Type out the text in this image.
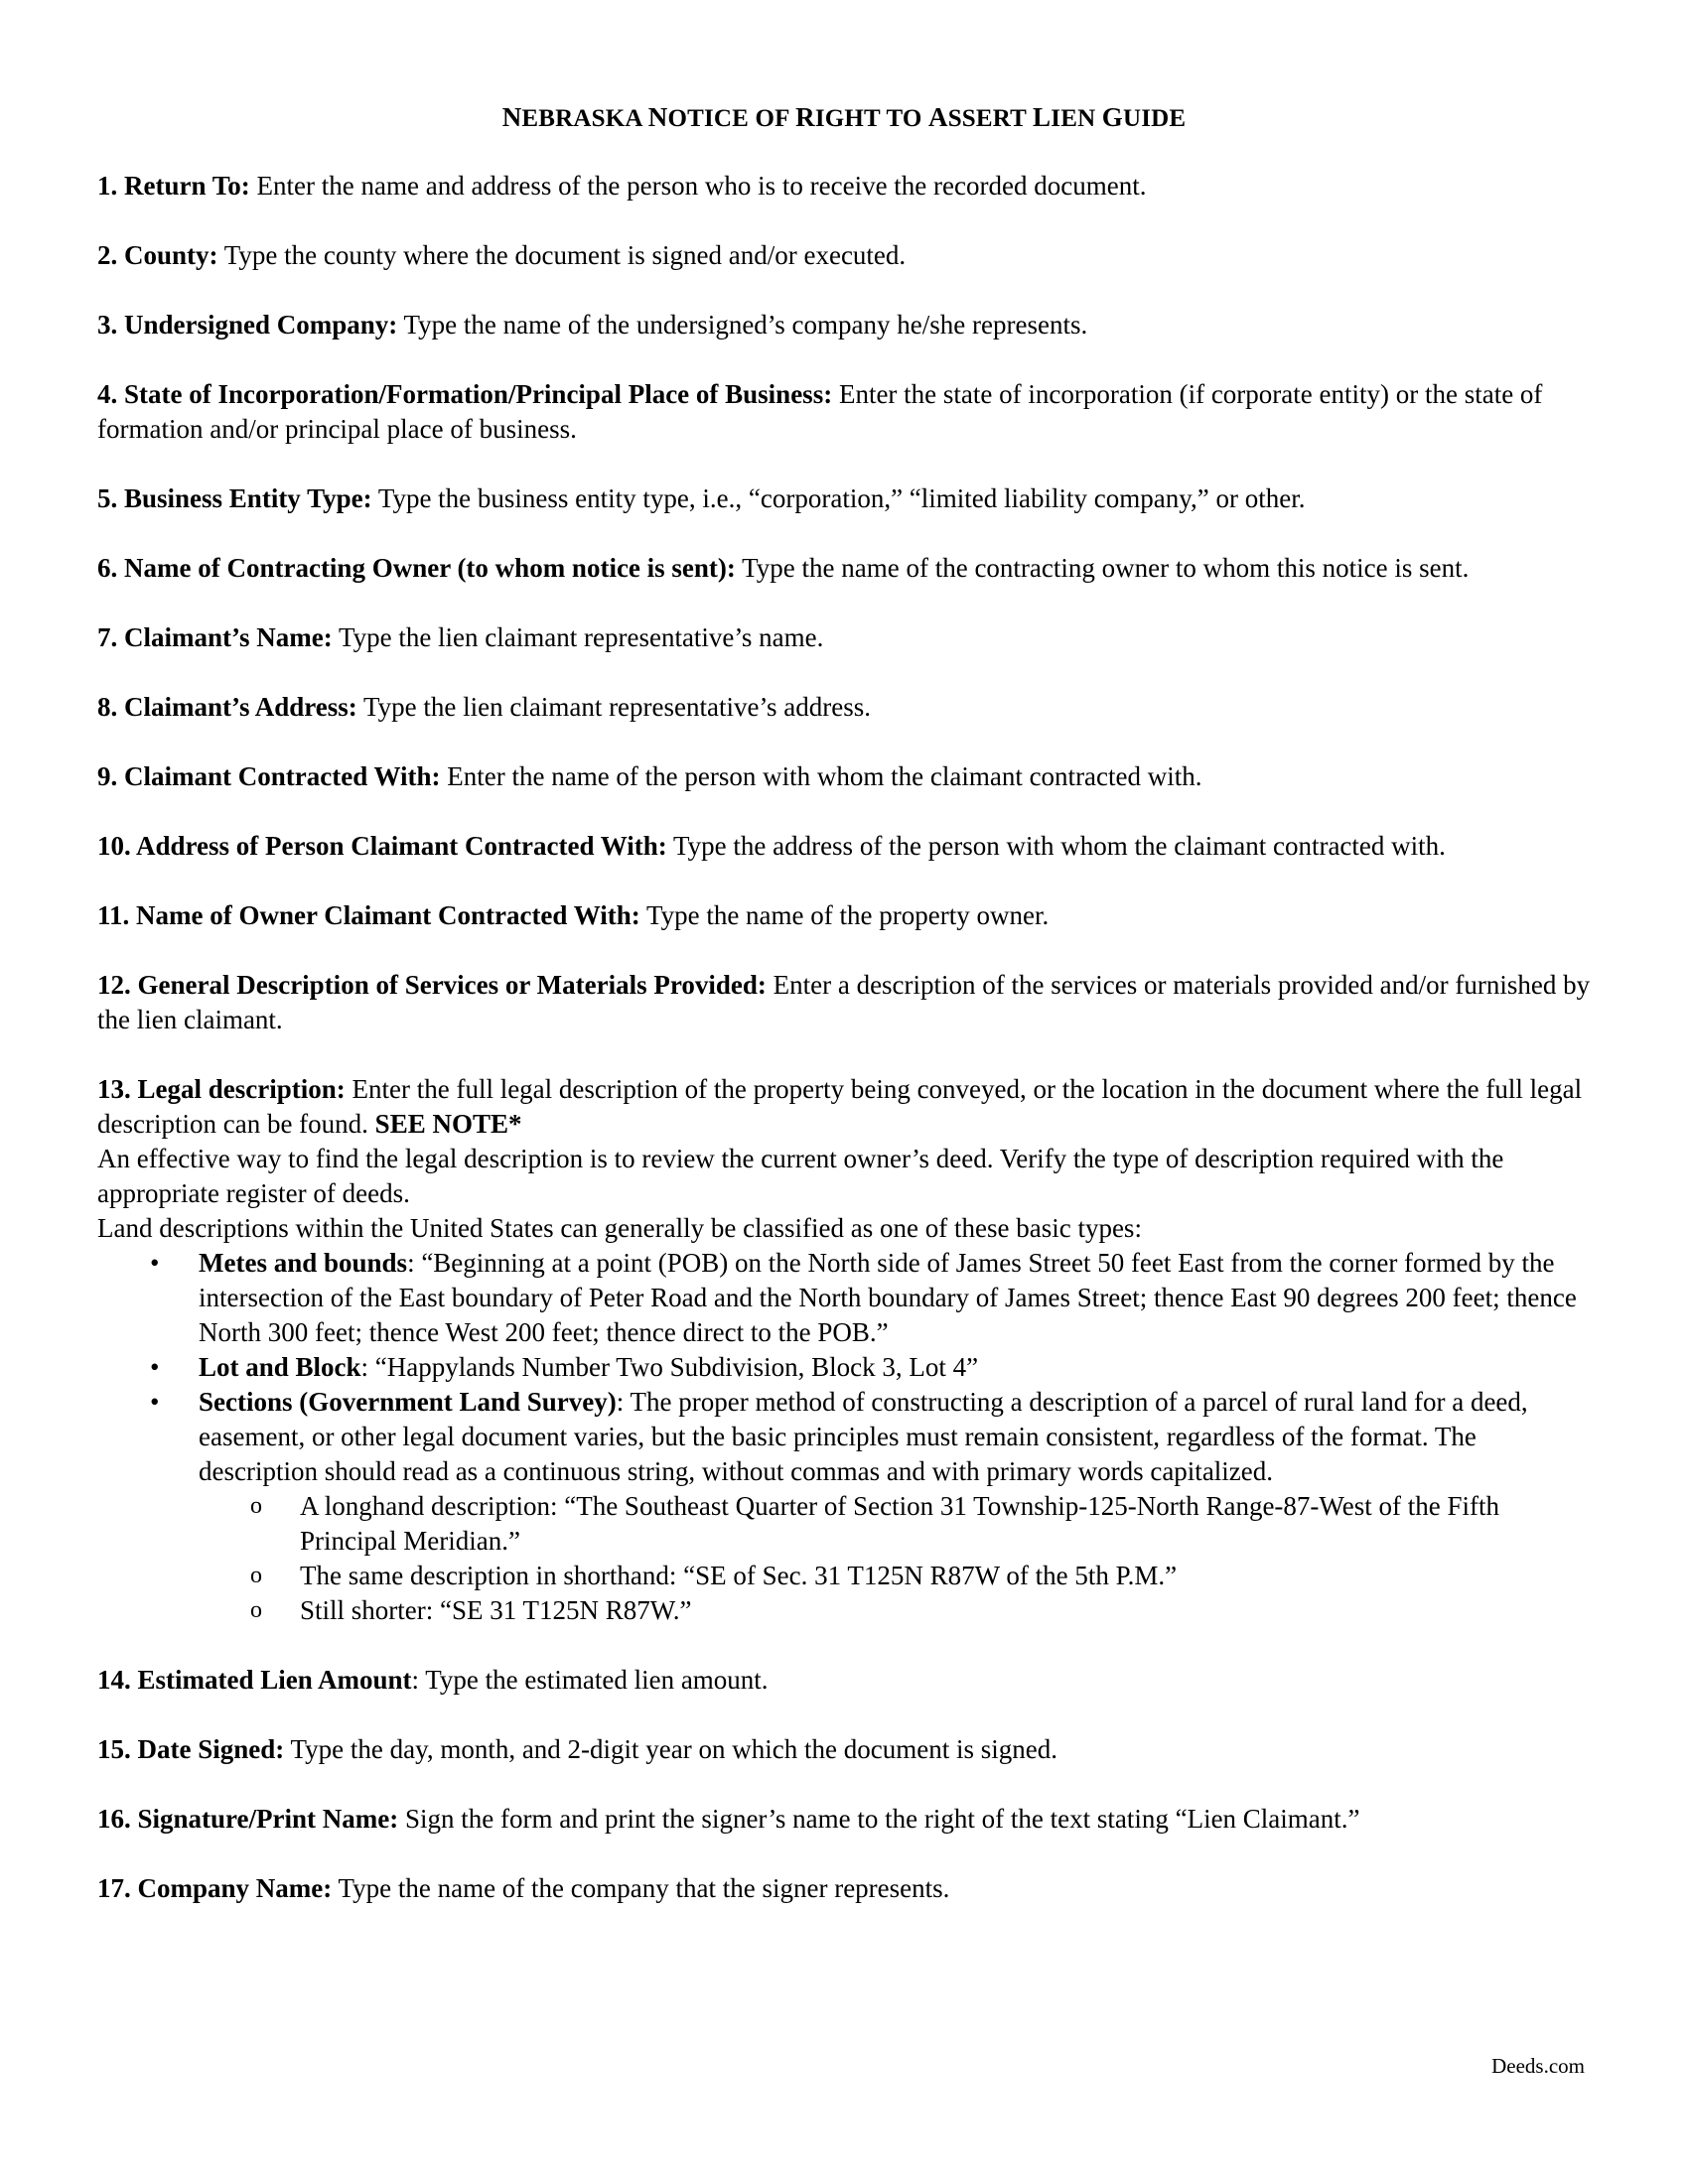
NEBRASKA NOTICE OF RIGHT TO ASSERT LIEN GUIDE
1. Return To: Enter the name and address of the person who is to receive the recorded document.
2. County: Type the county where the document is signed and/or executed.
3. Undersigned Company: Type the name of the undersigned’s company he/she represents.
4. State of Incorporation/Formation/Principal Place of Business: Enter the state of incorporation (if corporate entity) or the state of formation and/or principal place of business.
5. Business Entity Type: Type the business entity type, i.e., “corporation,” “limited liability company,” or other.
6. Name of Contracting Owner (to whom notice is sent): Type the name of the contracting owner to whom this notice is sent.
7. Claimant’s Name: Type the lien claimant representative’s name.
8. Claimant’s Address: Type the lien claimant representative’s address.
9. Claimant Contracted With: Enter the name of the person with whom the claimant contracted with.
10. Address of Person Claimant Contracted With: Type the address of the person with whom the claimant contracted with.
11. Name of Owner Claimant Contracted With: Type the name of the property owner.
12. General Description of Services or Materials Provided: Enter a description of the services or materials provided and/or furnished by the lien claimant.
13. Legal description: Enter the full legal description of the property being conveyed, or the location in the document where the full legal description can be found. SEE NOTE*
An effective way to find the legal description is to review the current owner’s deed. Verify the type of description required with the appropriate register of deeds.
Land descriptions within the United States can generally be classified as one of these basic types:
• Metes and bounds: “Beginning at a point (POB) on the North side of James Street 50 feet East from the corner formed by the intersection of the East boundary of Peter Road and the North boundary of James Street; thence East 90 degrees 200 feet; thence North 300 feet; thence West 200 feet; thence direct to the POB.”
• Lot and Block: “Happylands Number Two Subdivision, Block 3, Lot 4”
• Sections (Government Land Survey): The proper method of constructing a description of a parcel of rural land for a deed, easement, or other legal document varies, but the basic principles must remain consistent, regardless of the format. The description should read as a continuous string, without commas and with primary words capitalized.
o A longhand description: “The Southeast Quarter of Section 31 Township-125-North Range-87-West of the Fifth Principal Meridian.”
o The same description in shorthand: “SE of Sec. 31 T125N R87W of the 5th P.M.”
o Still shorter: “SE 31 T125N R87W.”
14. Estimated Lien Amount: Type the estimated lien amount.
15. Date Signed: Type the day, month, and 2-digit year on which the document is signed.
16. Signature/Print Name: Sign the form and print the signer’s name to the right of the text stating “Lien Claimant.”
17. Company Name: Type the name of the company that the signer represents.
Deeds.com
